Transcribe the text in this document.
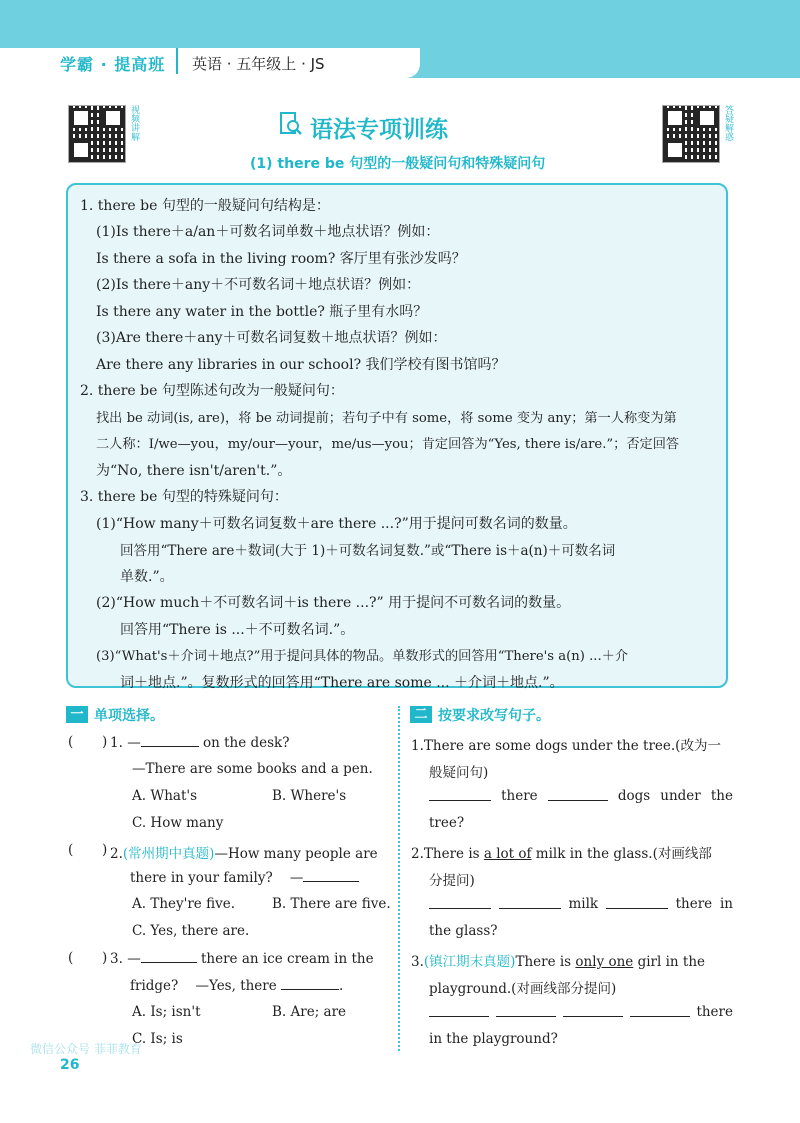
学霸 · 提高班 英语 · 五年级上 · JS
视频讲解	答疑解惑
语法专项训练
(1) there be 句型的一般疑问句和特殊疑问句
1. there be 句型的一般疑问句结构是：
(1)Is there＋a/an＋可数名词单数＋地点状语？例如：
Is there a sofa in the living room? 客厅里有张沙发吗？
(2)Is there＋any＋不可数名词＋地点状语？例如：
Is there any water in the bottle? 瓶子里有水吗？
(3)Are there＋any＋可数名词复数＋地点状语？例如：
Are there any libraries in our school? 我们学校有图书馆吗？
2. there be 句型陈述句改为一般疑问句：
找出 be 动词(is, are)，将 be 动词提前；若句子中有 some，将 some 变为 any；第一人称变为第
二人称：I/we—you，my/our—your，me/us—you；肯定回答为“Yes, there is/are.”；否定回答
为“No, there isn't/aren't.”。
3. there be 句型的特殊疑问句：
(1)“How many＋可数名词复数＋are there ...?”用于提问可数名词的数量。
回答用“There are＋数词(大于 1)＋可数名词复数.”或“There is＋a(n)＋可数名词
单数.”。
(2)“How much＋不可数名词＋is there ...?” 用于提问不可数名词的数量。
回答用“There is ...＋不可数名词.”。
(3)“What's＋介词＋地点?”用于提问具体的物品。单数形式的回答用“There's a(n) ...＋介
词＋地点.”。复数形式的回答用“There are some ... ＋介词＋地点.”。
一 单项选择。	二 按要求改写句子。
( ) 1. —	on the desk?
—There are some books and a pen.
A. What's	B. Where's
C. How many
( ) 2.(常州期中真题)—How many people are
there in your family? —
A. They're five.	B. There are five.
C. Yes, there are.
( ) 3. —	there an ice cream in the
fridge? —Yes, there	.
A. Is; isn't	B. Are; are
C. Is; is
1.There are some dogs under the tree.(改为一
般疑问句)
there	dogs under the
tree?
2.There is a lot of milk in the glass.(对画线部
分提问)
milk	there in
the glass?
3.(镇江期末真题)There is only one girl in the
playground.(对画线部分提问)
there
in the playground?
微信公众号 菲菲教育
26
